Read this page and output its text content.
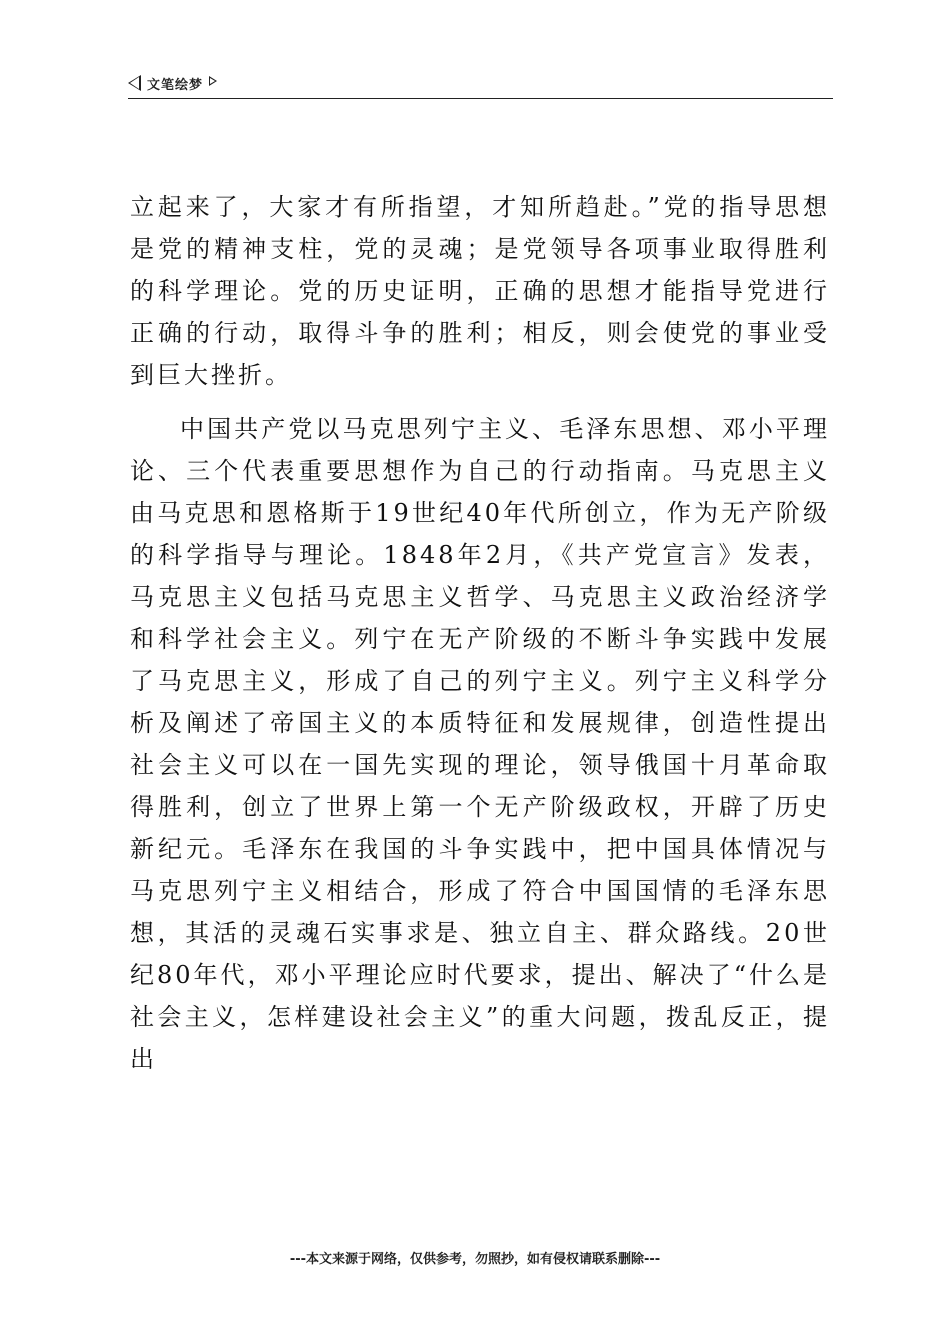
文笔绘梦

立起来了，大家才有所指望，才知所趋赴。”党的指导思想是党的精神支柱，党的灵魂；是党领导各项事业取得胜利的科学理论。党的历史证明，正确的思想才能指导党进行正确的行动，取得斗争的胜利；相反，则会使党的事业受到巨大挫折。

中国共产党以马克思列宁主义、毛泽东思想、邓小平理论、三个代表重要思想作为自己的行动指南。马克思主义由马克思和恩格斯于19世纪40年代所创立，作为无产阶级的科学指导与理论。1848年2月，《共产党宣言》发表，马克思主义包括马克思主义哲学、马克思主义政治经济学和科学社会主义。列宁在无产阶级的不断斗争实践中发展了马克思主义，形成了自己的列宁主义。列宁主义科学分析及阐述了帝国主义的本质特征和发展规律，创造性提出社会主义可以在一国先实现的理论，领导俄国十月革命取得胜利，创立了世界上第一个无产阶级政权，开辟了历史新纪元。毛泽东在我国的斗争实践中，把中国具体情况与马克思列宁主义相结合，形成了符合中国国情的毛泽东思想，其活的灵魂石实事求是、独立自主、群众路线。20世纪80年代，邓小平理论应时代要求，提出、解决了“什么是社会主义，怎样建设社会主义”的重大问题，拨乱反正，提出

---本文来源于网络，仅供参考，勿照抄，如有侵权请联系删除---
